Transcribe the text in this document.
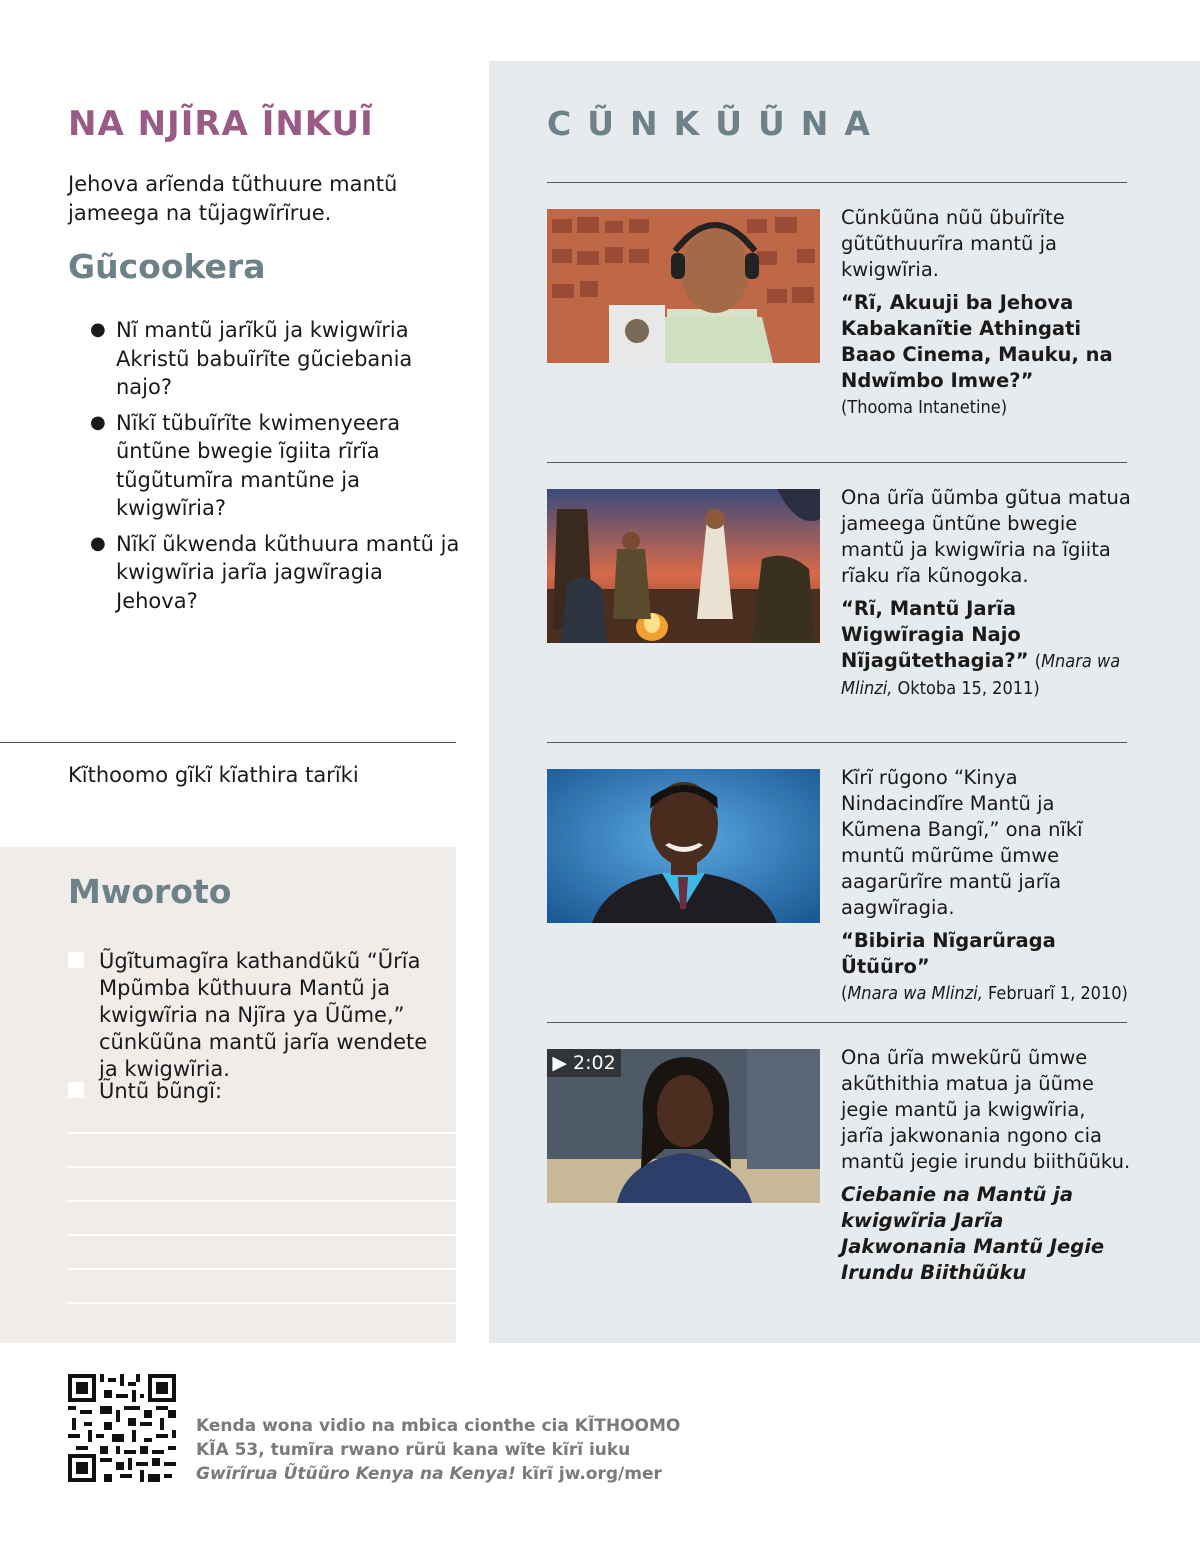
NA NJĨRA ĨNKUĨ
Jehova arĩenda tũthuure mantũ jameega na tũjagwĩrĩrue.
Gũcookera
● Nĩ mantũ jarĩkũ ja kwigwĩria Akristũ babuĩrĩte gũciebania najo?
● Nĩkĩ tũbuĩrĩte kwimenyeera ũntũne bwegie ĩgiita rĩrĩa tũgũtumĩra mantũne ja kwigwĩria?
● Nĩkĩ ũkwenda kũthuura mantũ ja kwigwĩria jarĩa jagwĩragia Jehova?
Kĩthoomo gĩkĩ kĩathira tarĩki
Mworoto
Ũgĩtumagĩra kathandũkũ “Ũrĩa Mpũmba kũthuura Mantũ ja kwigwĩria na Njĩra ya Ũũme,” cũnkũũna mantũ jarĩa wendete ja kwigwĩria.
Ũntũ bũngĩ:
CŨNKŨŨNA

Cũnkũũna nũũ ũbuĩrĩte gũtũthuurĩra mantũ ja kwigwĩria.

“Rĩ, Akuuji ba Jehova Kabakanĩtie Athingati Baao Cinema, Mauku, na Ndwĩmbo Imwe?”
(Thooma Intanetine)

Ona ũrĩa ũũmba gũtua matua jameega ũntũne bwegie mantũ ja kwigwĩria na ĩgiita rĩaku rĩa kũnogoka.

“Rĩ, Mantũ Jarĩa Wigwĩragia Najo Nĩjagũtethagia?” (Mnara wa Mlinzi, Oktoba 15, 2011)

Kĩrĩ rũgono “Kinya Nindacindĩre Mantũ ja Kũmena Bangĩ,” ona nĩkĩ muntũ mũrũme ũmwe aagarũrĩre mantũ jarĩa aagwĩragia.

“Bibiria Nĩgarũraga Ũtũũro”
(Mnara wa Mlinzi, Februarĩ 1, 2010)

▶ 2:02	Ona ũrĩa mwekũrũ ũmwe akũthithia matua ja ũũme jegie mantũ ja kwigwĩria, jarĩa jakwonania ngono cia mantũ jegie irundu biithũũku.

Ciebanie na Mantũ ja kwigwĩria Jarĩa Jakwonania Mantũ Jegie Irundu Biithũũku

Kenda wona vidio na mbica cionthe cia KĨTHOOMO KĨA 53, tumĩra rwano rũrũ kana wĩte kĩrĩ iuku Gwĩrĩrua Ũtũũro Kenya na Kenya! kĩrĩ jw.org/mer
